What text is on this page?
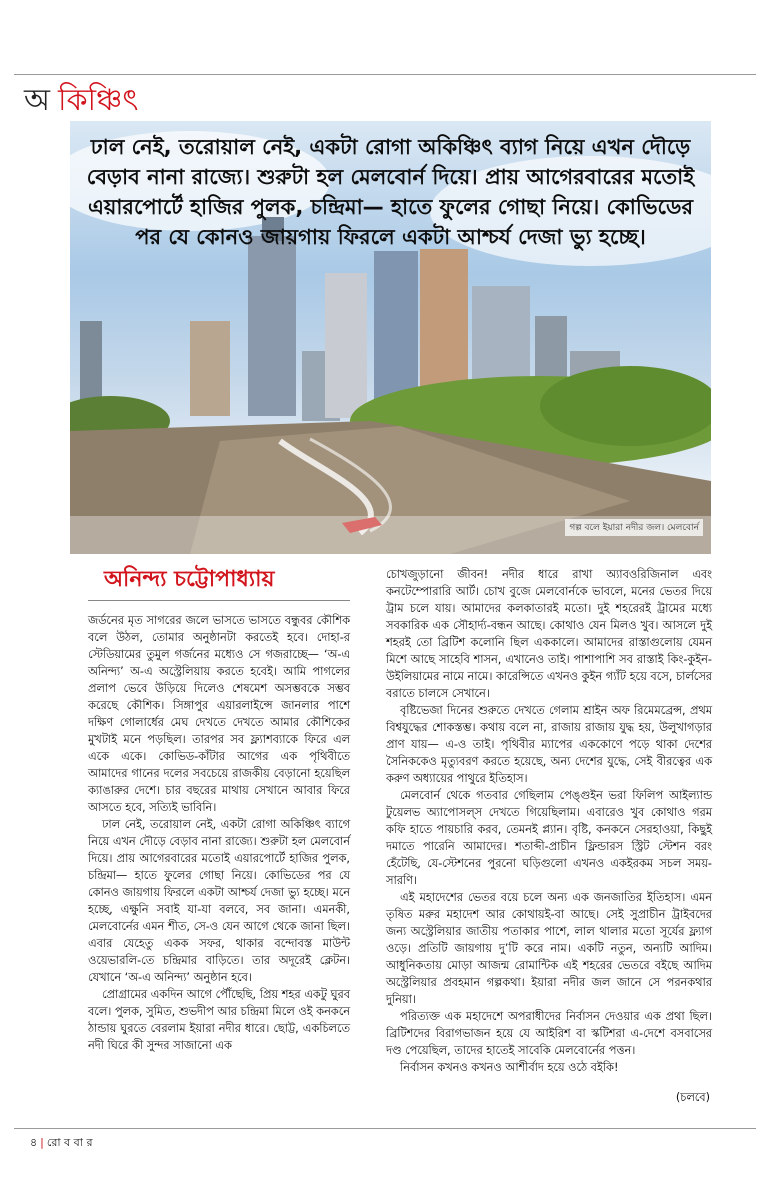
অ কিঞ্চিৎ
ঢাল নেই, তরোয়াল নেই, একটা রোগা অকিঞ্চিৎ ব্যাগ নিয়ে এখন দৌড়ে বেড়াব নানা রাজ্যে। শুরুটা হল মেলবোর্ন দিয়ে। প্রায় আগেরবারের মতোই এয়ারপোর্টে হাজির পুলক, চন্দ্রিমা— হাতে ফুলের গোছা নিয়ে। কোভিডের পর যে কোনও জায়গায় ফিরলে একটা আশ্চর্য দেজা ভ্যু হচ্ছে।
গল্প বলে ইয়ারা নদীর জল। মেলবোর্ন
অনিন্দ্য চট্টোপাধ্যায়

জর্ডনের মৃত সাগরের জলে ভাসতে ভাসতে বন্ধুবর কৌশিক বলে উঠল, তোমার অনুষ্ঠানটা করতেই হবে। দোহা-র স্টেডিয়ামের তুমুল গর্জনের মধ্যেও সে গজরাচ্ছে— ‘অ-এ অনিন্দ্য’ অ-এ অস্ট্রেলিয়ায় করতে হবেই। আমি পাগলের প্রলাপ ভেবে উড়িয়ে দিলেও শেষমেশ অসম্ভবকে সম্ভব করেছে কৌশিক। সিঙ্গাপুর এয়ারলাইন্সে জানলার পাশে দক্ষিণ গোলার্ধের মেঘ দেখতে দেখতে আমার কৌশিকের মুখটাই মনে পড়ছিল। তারপর সব ফ্ল্যাশব্যাকে ফিরে এল একে একে। কোভিড-কাঁটার আগের এক পৃথিবীতে আমাদের গানের দলের সবচেয়ে রাজকীয় বেড়ানো হয়েছিল ক্যাঙারুর দেশে। চার বছরের মাথায় সেখানে আবার ফিরে আসতে হবে, সত্যিই ভাবিনি।

ঢাল নেই, তরোয়াল নেই, একটা রোগা অকিঞ্চিৎ ব্যাগে নিয়ে এখন দৌড়ে বেড়াব নানা রাজ্যে। শুরুটা হল মেলবোর্ন দিয়ে। প্রায় আগেরবারের মতোই এয়ারপোর্টে হাজির পুলক, চন্দ্রিমা— হাতে ফুলের গোছা নিয়ে। কোভিডের পর যে কোনও জায়গায় ফিরলে একটা আশ্চর্য দেজা ভ্যু হচ্ছে। মনে হচ্ছে, এক্ষুনি সবাই যা-যা বলবে, সব জানা। এমনকী, মেলবোর্নের এমন শীত, সে-ও যেন আগে থেকে জানা ছিল। এবার যেহেতু একক সফর, থাকার বন্দোবস্ত মাউন্ট ওয়েভারলি-তে চন্দ্রিমার বাড়িতে। তার অদূরেই ক্লেটন। যেখানে ‘অ-এ অনিন্দ্য’ অনুষ্ঠান হবে।

প্রোগ্রামের একদিন আগে পৌঁছেছি, প্রিয় শহর একটু ঘুরব বলে। পুলক, সুমিত, শুভদীপ আর চন্দ্রিমা মিলে ওই কনকনে ঠান্ডায় ঘুরতে বেরলাম ইয়ারা নদীর ধারে। ছোট্ট, একচিলতে নদী ঘিরে কী সুন্দর সাজানো এক

চোখজুড়ানো জীবন! নদীর ধারে রাখা অ্যাবওরিজিনাল এবং কনটেম্পোরারি আর্ট। চোখ বুজে মেলবোর্নকে ভাবলে, মনের ভেতর দিয়ে ট্রাম চলে যায়। আমাদের কলকাতারই মতো। দুই শহরেরই ট্রামের মধ্যে সবকারিক এক সৌহার্দ্য-বন্ধন আছে। কোথাও যেন মিলও খুব। আসলে দুই শহরই তো ব্রিটিশ কলোনি ছিল এককালে। আমাদের রাস্তাগুলোয় যেমন মিশে আছে সাহেবি শাসন, এখানেও তাই। পাশাপাশি সব রাস্তাই কিং-কুইন-উইলিয়ামের নামে নামে। কারেন্সিতে এখনও কুইন গ্যাঁট হয়ে বসে, চার্লসের বরাতে চালসে সেখানে।

বৃষ্টিভেজা দিনের শুরুতে দেখতে গেলাম শ্রাইন অফ রিমেমব্রেন্স, প্রথম বিশ্বযুদ্ধের শোকস্তম্ভ। কথায় বলে না, রাজায় রাজায় যুদ্ধ হয়, উলুখাগড়ার প্রাণ যায়— এ-ও তাই। পৃথিবীর ম্যাপের এককোণে পড়ে থাকা দেশের সৈনিককেও মৃত্যুবরণ করতে হয়েছে, অন্য দেশের যুদ্ধে, সেই বীরত্বের এক করুণ অধ্যায়ের পাথুরে ইতিহাস।

মেলবোর্ন থেকে গতবার গেছিলাম পেঙ্গুইন ভরা ফিলিপ আইল্যান্ড টুয়েলভ অ্যাপোসল্‌স দেখতে গিয়েছিলাম। এবারেও খুব কোথাও গরম কফি হাতে পায়চারি করব, তেমনই প্ল্যান। বৃষ্টি, কনকনে সেরহাওয়া, কিছুই দমাতে পারেনি আমাদের। শতাব্দী-প্রাচীন ফ্লিন্ডারস স্ট্রিট স্টেশন বরং হেঁটেছি, যে-স্টেশনের পুরনো ঘড়িগুলো এখনও একইরকম সচল সময়-সারণি।

এই মহাদেশের ভেতর বয়ে চলে অন্য এক জনজাতির ইতিহাস। এমন তৃষিত মরুর মহাদেশ আর কোথায়ই-বা আছে। সেই সুপ্রাচীন ট্রাইবদের জন্য অস্ট্রেলিয়ার জাতীয় পতাকার পাশে, লাল থালার মতো সূর্যের ফ্ল্যাগ ওড়ে। প্রতিটি জায়গায় দু’টি করে নাম। একটি নতুন, অন্যটি আদিম। আধুনিকতায় মোড়া আজন্ম রোমান্টিক এই শহরের ভেতরে বইছে আদিম অস্ট্রেলিয়ার প্রবহমান গল্পকথা। ইয়ারা নদীর জল জানে সে পরনকথার দুনিয়া।

পরিত্যক্ত এক মহাদেশে অপরাধীদের নির্বাসন দেওয়ার এক প্রথা ছিল। ব্রিটিশদের বিরাগভাজন হয়ে যে আইরিশ বা স্কটিশরা এ-দেশে বসবাসের দণ্ড পেয়েছিল, তাদের হাতেই সাবেকি মেলবোর্নের পত্তন।

নির্বাসন কখনও কখনও আশীর্বাদ হয়ে ওঠে বইকি!

(চলবে)
৪ | রো ব বা র
